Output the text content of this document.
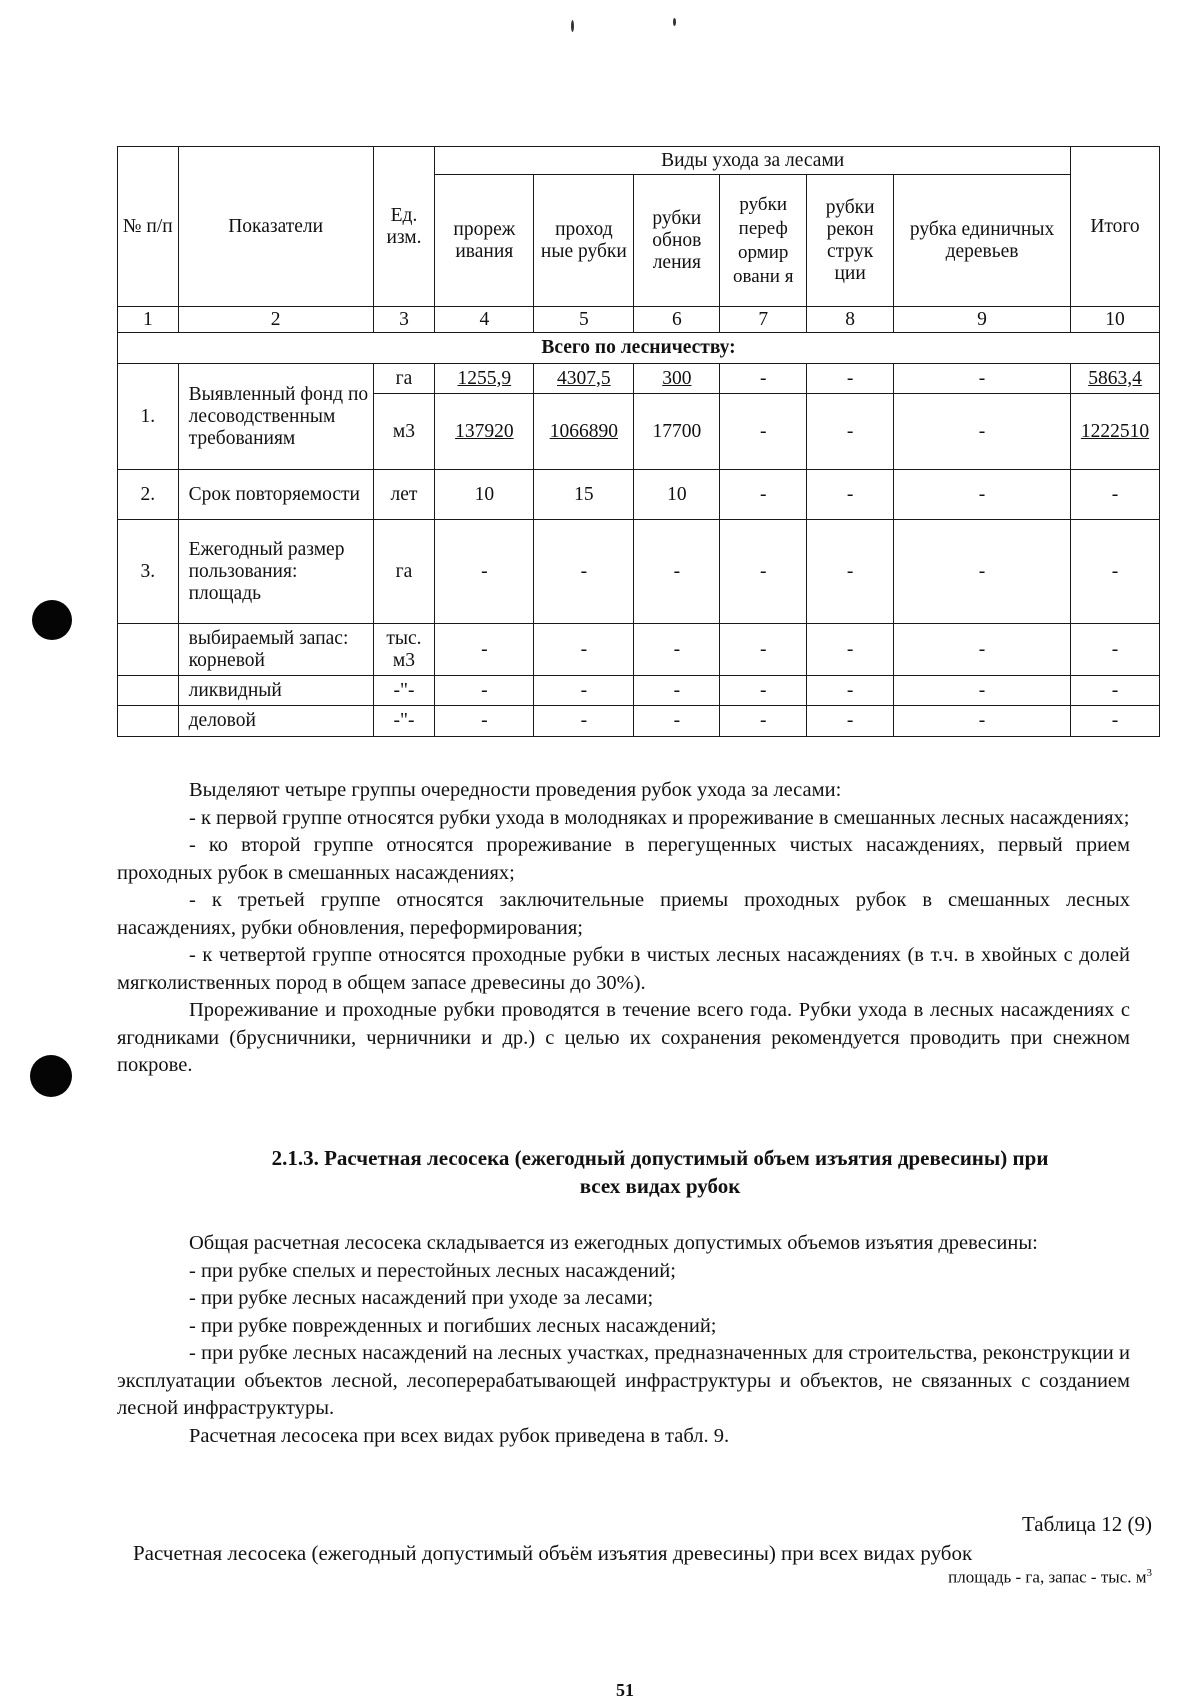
№ п/п	Показатели	Ед. изм.	Виды ухода за лесами						Итого
			прореж ивания	проход ные рубки	рубки обнов ления	рубки переф ормир овани я	рубки рекон струк ции	рубка единичных деревьев	
1	2	3	4	5	6	7	8	9	10
Всего по лесничеству:									
1.	Выявленный фонд по лесоводственным требованиям	га	1255,9	4307,5	300	-	-	-	5863,4
		м3	137920	1066890	17700	-	-	-	1222510
2.	Срок повторяемости	лет	10	15	10	-	-	-	-
3.	Ежегодный размер пользования: площадь	га	-	-	-	-	-	-	-
	выбираемый запас: корневой	тыс. м3	-	-	-	-	-	-	-
	ликвидный	-"-	-	-	-	-	-	-	-
	деловой	-"-	-	-	-	-	-	-	-

Выделяют четыре группы очередности проведения рубок ухода за лесами:

- к первой группе относятся рубки ухода в молодняках и прореживание в смешанных лесных насаждениях;

- ко второй группе относятся прореживание в перегущенных чистых насаждениях, первый прием проходных рубок в смешанных насаждениях;

- к третьей группе относятся заключительные приемы проходных рубок в смешанных лесных насаждениях, рубки обновления, переформирования;

- к четвертой группе относятся проходные рубки в чистых лесных насаждениях (в т.ч. в хвойных с долей мягколиственных пород в общем запасе древесины до 30%).

Прореживание и проходные рубки проводятся в течение всего года. Рубки ухода в лесных насаждениях с ягодниками (брусничники, черничники и др.) с целью их сохранения рекомендуется проводить при снежном покрове.

2.1.3. Расчетная лесосека (ежегодный допустимый объем изъятия древесины) при
всех видах рубок

Общая расчетная лесосека складывается из ежегодных допустимых объемов изъятия древесины:

- при рубке спелых и перестойных лесных насаждений;

- при рубке лесных насаждений при уходе за лесами;

- при рубке поврежденных и погибших лесных насаждений;

- при рубке лесных насаждений на лесных участках, предназначенных для строительства, реконструкции и эксплуатации объектов лесной, лесоперерабатывающей инфраструктуры и объектов, не связанных с созданием лесной инфраструктуры.

Расчетная лесосека при всех видах рубок приведена в табл. 9.

Таблица 12 (9)
Расчетная лесосека (ежегодный допустимый объём изъятия древесины) при всех видах рубок
площадь - га, запас - тыс. $м^3$
51
